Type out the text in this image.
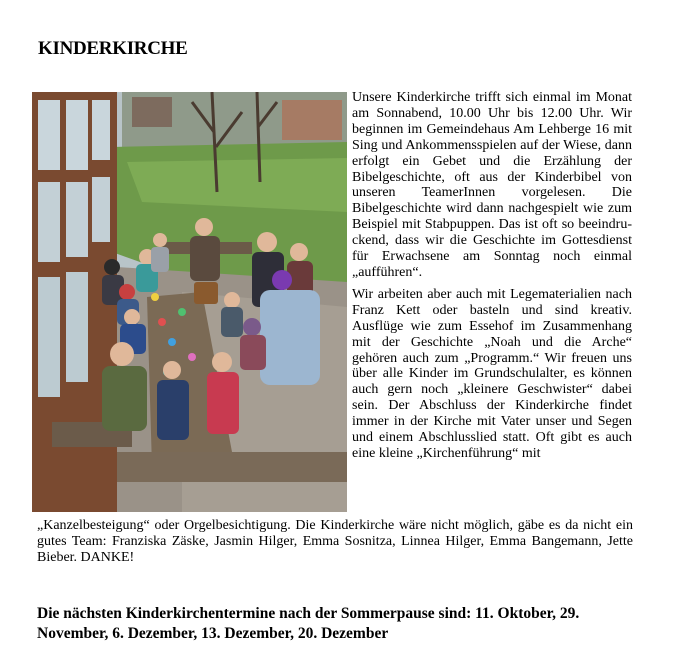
KINDERKIRCHE

Unsere Kinderkirche trifft sich einmal im Monat am Sonnabend, 10.00 Uhr bis 12.00 Uhr. Wir beginnen im Gemeindehaus Am Lehberge 16 mit Sing und Ankommensspielen auf der Wiese, dann erfolgt ein Gebet und die Erzählung der Bibelgeschichte, oft aus der Kinderbibel von unseren TeamerInnen vorgelesen. Die Bibelgeschichte wird dann nachgespielt wie zum Beispiel mit Stabpuppen. Das ist oft so beeindruckend, dass wir die Geschichte im Gottesdienst für Erwachsene am Sonntag noch einmal „aufführen“.

Wir arbeiten aber auch mit Legematerialien nach Franz Kett oder basteln und sind kreativ. Ausflüge wie zum Essehof im Zusammenhang mit der Geschichte „Noah und die Arche“ gehören auch zum „Programm.“ Wir freuen uns über alle Kinder im Grundschulalter, es können auch gern noch „kleinere Geschwister“ dabei sein. Der Abschluss der Kinderkirche findet immer in der Kirche mit Vater unser und Segen und einem Abschlusslied statt. Oft gibt es auch eine kleine „Kirchenführung“ mit

„Kanzelbesteigung“ oder Orgelbesichtigung. Die Kinderkirche wäre nicht möglich, gäbe es da nicht ein gutes Team: Franziska Zäske, Jasmin Hilger, Emma Sosnitza, Linnea Hilger, Emma Bangemann, Jette Bieber. DANKE!

Die nächsten Kinderkirchentermine nach der Sommerpause sind: 11. Oktober, 29. November, 6. Dezember, 13. Dezember, 20. Dezember
